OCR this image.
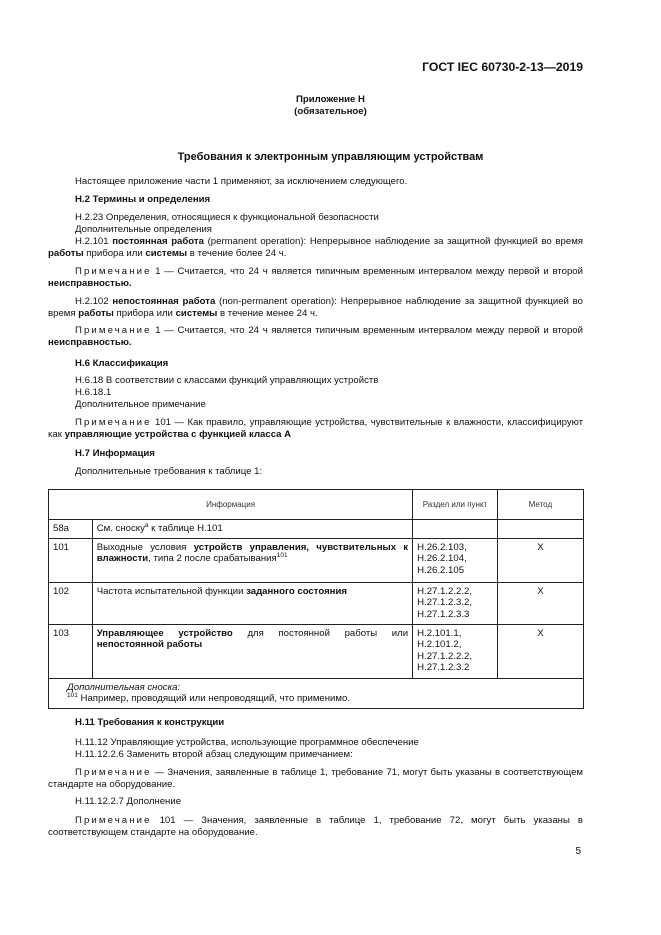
ГОСТ IEC 60730-2-13—2019
Приложение Н
(обязательное)
Требования к электронным управляющим устройствам
Настоящее приложение части 1 применяют, за исключением следующего.
Н.2 Термины и определения
Н.2.23 Определения, относящиеся к функциональной безопасности
Дополнительные определения
Н.2.101 постоянная работа (permanent operation): Непрерывное наблюдение за защитной функцией во время работы прибора или системы в течение более 24 ч.
Примечание 1 — Считается, что 24 ч является типичным временным интервалом между первой и второй неисправностью.
Н.2.102 непостоянная работа (non-permanent operation): Непрерывное наблюдение за защитной функцией во время работы прибора или системы в течение менее 24 ч.
Примечание 1 — Считается, что 24 ч является типичным временным интервалом между первой и второй неисправностью.
Н.6 Классификация
Н.6.18 В соответствии с классами функций управляющих устройств
Н.6.18.1
Дополнительное примечание
Примечание 101 — Как правило, управляющие устройства, чувствительные к влажности, классифицируют как управляющие устройства с функцией класса А
Н.7 Информация
Дополнительные требования к таблице 1:
Информация		Раздел или пункт	Метод
58а	См. сноску$^а$ к таблице Н.101		
101	Выходные условия устройств управления, чувствительных к влажности, типа 2 после срабатывания$^{101}$	Н.26.2.103, Н.26.2.104, Н.26.2.105	X
102	Частота испытательной функции заданного состояния	Н.27.1.2.2.2, Н.27.1.2.3.2, Н.27.1.2.3.3	X
103	Управляющее устройство для постоянной работы или непостоянной работы	Н.2.101.1, Н.2.101.2, Н.27.1.2.2.2, Н.27.1.2.3.2	X
Дополнительная сноска:
$^{101}$ Например, проводящий или непроводящий, что применимо.			
Н.11 Требования к конструкции
Н.11.12 Управляющие устройства, использующие программное обеспечение
Н.11.12.2.6 Заменить второй абзац следующим примечанием:
Примечание — Значения, заявленные в таблице 1, требование 71, могут быть указаны в соответствующем стандарте на оборудование.
Н.11.12.2.7 Дополнение
Примечание 101 — Значения, заявленные в таблице 1, требование 72, могут быть указаны в соответствующем стандарте на оборудование.
5
